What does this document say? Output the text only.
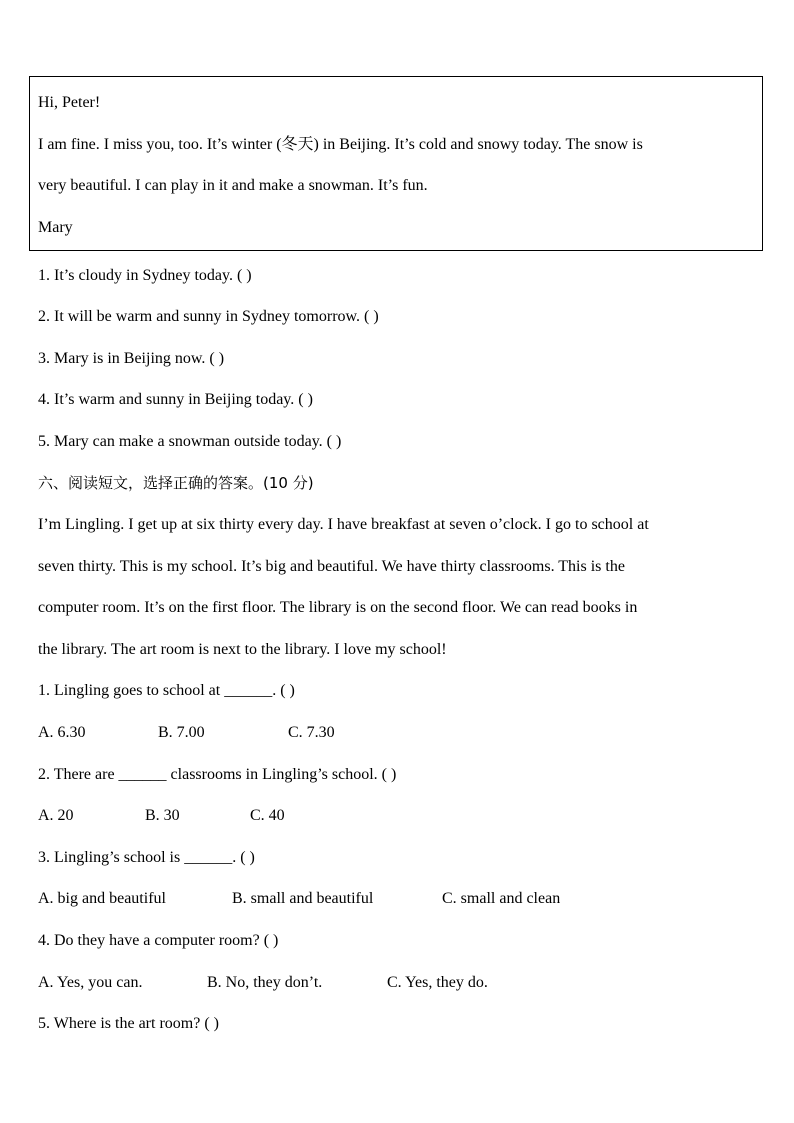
Hi, Peter!
I am fine. I miss you, too. It’s winter (冬天) in Beijing. It’s cold and snowy today. The snow is
very beautiful. I can play in it and make a snowman. It’s fun.
Mary
1. It’s cloudy in Sydney today. ( )
2. It will be warm and sunny in Sydney tomorrow. ( )
3. Mary is in Beijing now. ( )
4. It’s warm and sunny in Beijing today. ( )
5. Mary can make a snowman outside today. ( )
六、阅读短文，选择正确的答案。(10 分)
I’m Lingling. I get up at six thirty every day. I have breakfast at seven o’clock. I go to school at
seven thirty. This is my school. It’s big and beautiful. We have thirty classrooms. This is the
computer room. It’s on the first floor. The library is on the second floor. We can read books in
the library. The art room is next to the library. I love my school!
1. Lingling goes to school at ______. ( )
A. 6.30	B. 7.00	C. 7.30
2. There are ______ classrooms in Lingling’s school. ( )
A. 20	B. 30	C. 40
3. Lingling’s school is ______. ( )
A. big and beautiful	B. small and beautiful	C. small and clean
4. Do they have a computer room? ( )
A. Yes, you can.	B. No, they don’t.	C. Yes, they do.
5. Where is the art room? ( )
